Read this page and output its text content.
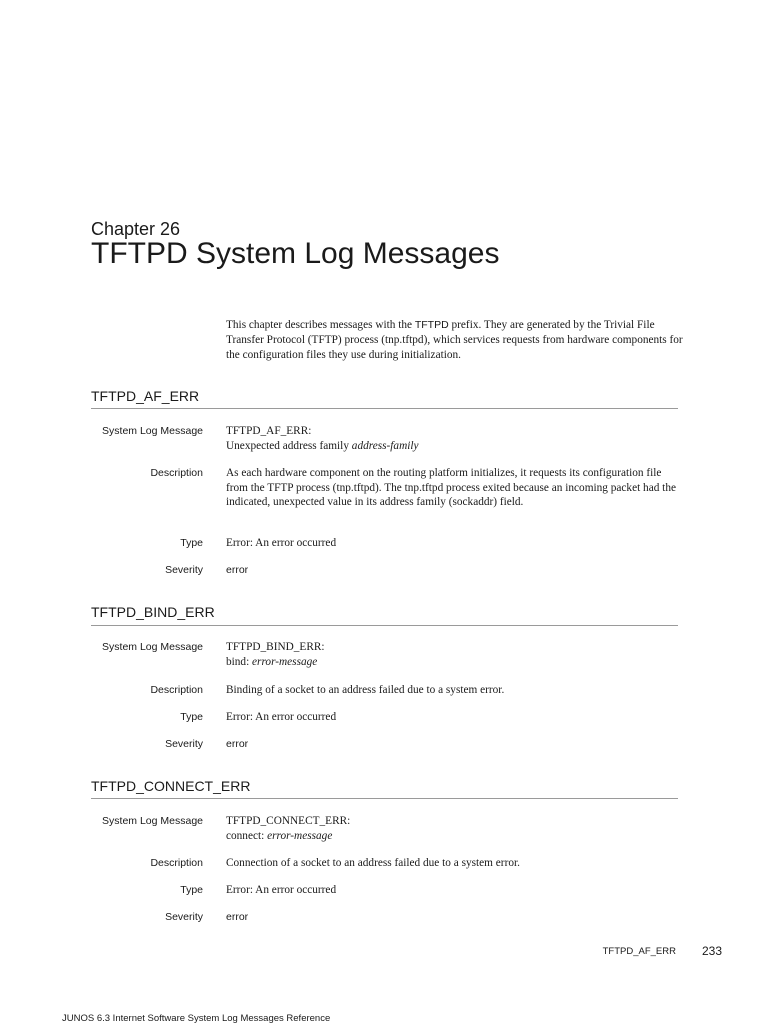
Chapter 26
TFTPD System Log Messages
This chapter describes messages with the TFTPD prefix. They are generated by the Trivial File Transfer Protocol (TFTP) process (tnp.tftpd), which services requests from hardware components for the configuration files they use during initialization.
TFTPD_AF_ERR
System Log Message TFTPD_AF_ERR:
Unexpected address family address-family
Description As each hardware component on the routing platform initializes, it requests its configuration file from the TFTP process (tnp.tftpd). The tnp.tftpd process exited because an incoming packet had the indicated, unexpected value in its address family (sockaddr) field.
Type Error: An error occurred
Severity error
TFTPD_BIND_ERR
System Log Message TFTPD_BIND_ERR:
bind: error-message
Description Binding of a socket to an address failed due to a system error.
Type Error: An error occurred
Severity error
TFTPD_CONNECT_ERR
System Log Message TFTPD_CONNECT_ERR:
connect: error-message
Description Connection of a socket to an address failed due to a system error.
Type Error: An error occurred
Severity error
TFTPD_AF_ERR	233
JUNOS 6.3 Internet Software System Log Messages Reference
